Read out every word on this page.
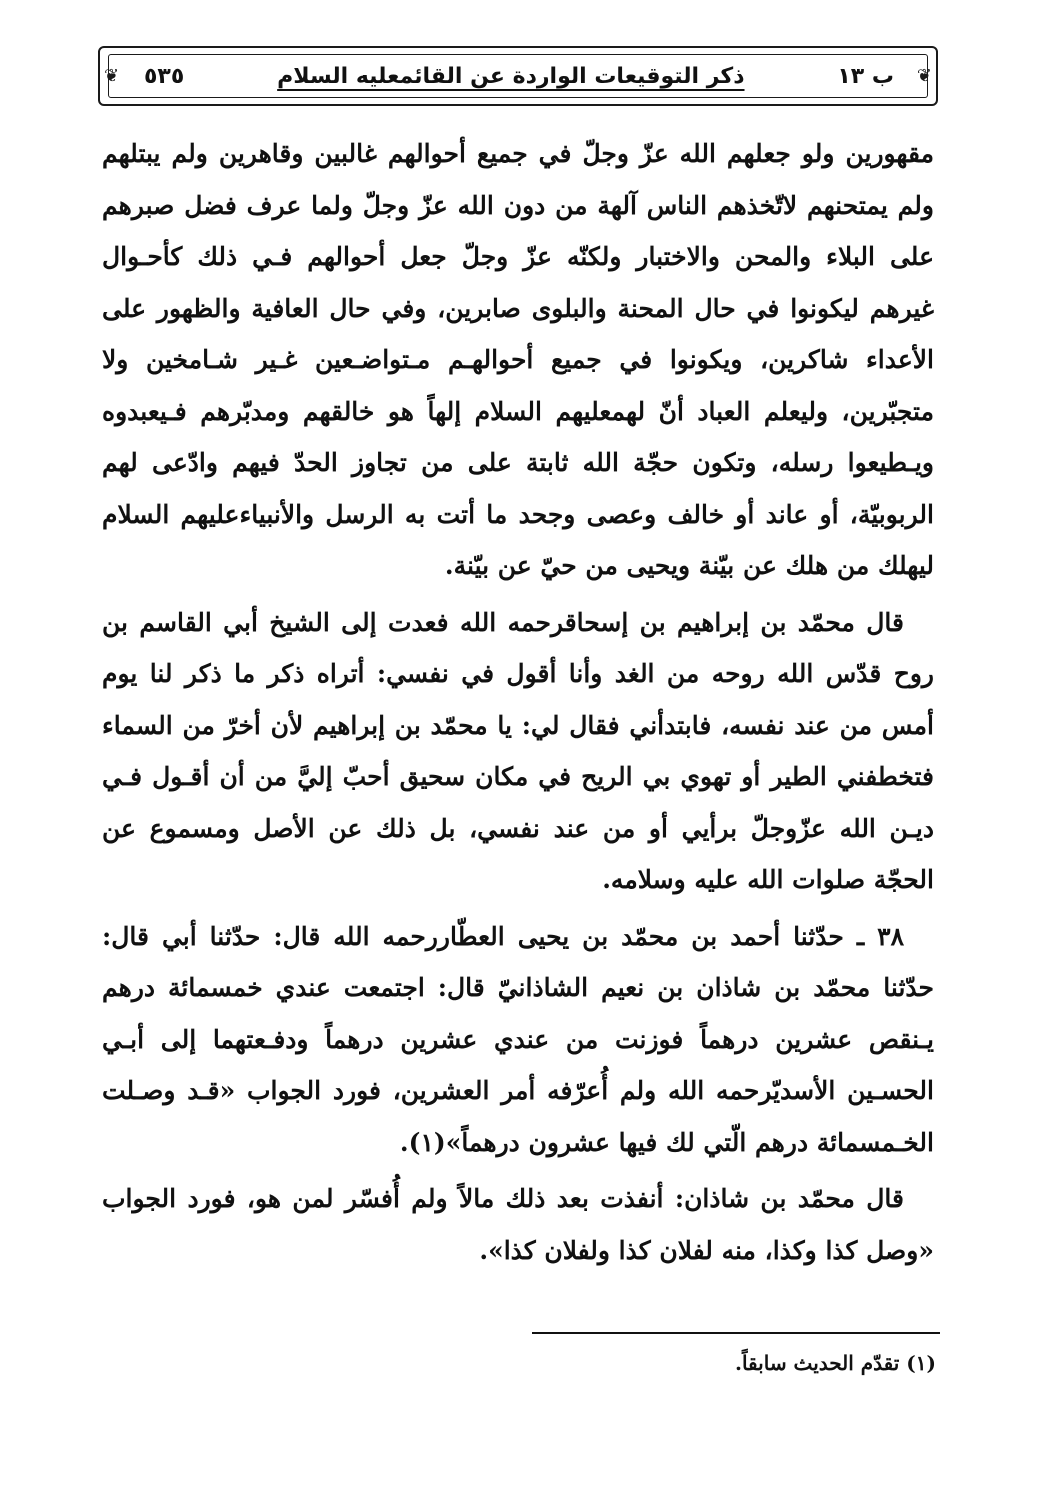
❦
❦	ب ١٣
ذكر التوقيعات الواردة عن القائمعليه السلام
٥٣٥

مقهورين ولو جعلهم الله عزّ وجلّ في جميع أحوالهم غالبين وقاهرين ولم يبتلهم ولم يمتحنهم لاتّخذهم الناس آلهة من دون الله عزّ وجلّ ولما عرف فضل صبرهم على البلاء والمحن والاختبار ولكنّه عزّ وجلّ جعل أحوالهم فـي ذلك كأحـوال غيرهم ليكونوا في حال المحنة والبلوى صابرين، وفي حال العافية والظهور على الأعداء شاكرين، ويكونوا في جميع أحوالهـم مـتواضـعين غـير شـامخين ولا متجبّرين، وليعلم العباد أنّ لهمعليهم السلام إلهاً هو خالقهم ومدبّرهم فـيعبدوه ويـطيعوا رسله، وتكون حجّة الله ثابتة على من تجاوز الحدّ فيهم وادّعى لهم الربوبيّة، أو عاند أو خالف وعصى وجحد ما أتت به الرسل والأنبياءعليهم السلام ليهلك من هلك عن بيّنة ويحيى من حيّ عن بيّنة.

قال محمّد بن إبراهيم بن إسحاقرحمه الله فعدت إلى الشيخ أبي القاسم بن روح قدّس الله روحه من الغد وأنا أقول في نفسي: أتراه ذكر ما ذكر لنا يوم أمس من عند نفسه، فابتدأني فقال لي: يا محمّد بن إبراهيم لأن أخرّ من السماء فتخطفني الطير أو تهوي بي الريح في مكان سحيق أحبّ إليَّ من أن أقـول فـي ديـن الله عزّوجلّ برأيي أو من عند نفسي، بل ذلك عن الأصل ومسموع عن الحجّة صلوات الله عليه وسلامه.

٣٨ ـ حدّثنا أحمد بن محمّد بن يحيى العطّاررحمه الله قال: حدّثنا أبي قال: حدّثنا محمّد بن شاذان بن نعيم الشاذانيّ قال: اجتمعت عندي خمسمائة درهم يـنقص عشرين درهماً فوزنت من عندي عشرين درهماً ودفـعتهما إلى أبـي الحسـين الأسديّرحمه الله ولم أُعرّفه أمر العشرين، فورد الجواب «قـد وصـلت الخـمسمائة درهم الّتي لك فيها عشرون درهماً»(١).

قال محمّد بن شاذان: أنفذت بعد ذلك مالاً ولم أُفسّر لمن هو، فورد الجواب «وصل كذا وكذا، منه لفلان كذا ولفلان كذا».

(١) تقدّم الحديث سابقاً.
